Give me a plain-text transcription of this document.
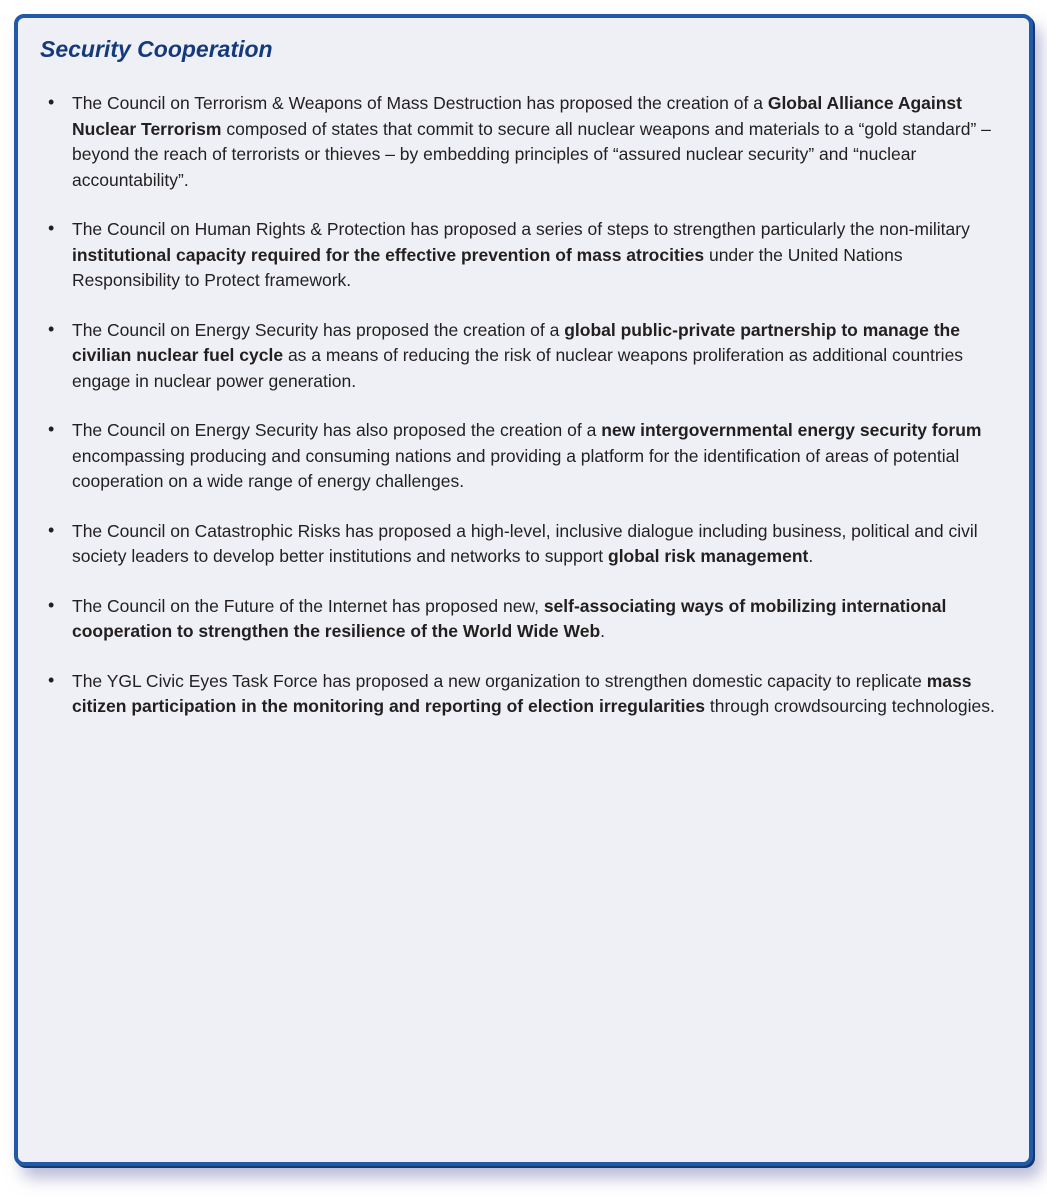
Security Cooperation
• The Council on Terrorism & Weapons of Mass Destruction has proposed the creation of a Global Alliance Against Nuclear Terrorism composed of states that commit to secure all nuclear weapons and materials to a “gold standard” – beyond the reach of terrorists or thieves – by embedding principles of “assured nuclear security” and “nuclear accountability”.
• The Council on Human Rights & Protection has proposed a series of steps to strengthen particularly the non-military institutional capacity required for the effective prevention of mass atrocities under the United Nations Responsibility to Protect framework.
• The Council on Energy Security has proposed the creation of a global public-private partnership to manage the civilian nuclear fuel cycle as a means of reducing the risk of nuclear weapons proliferation as additional countries engage in nuclear power generation.
• The Council on Energy Security has also proposed the creation of a new intergovernmental energy security forum encompassing producing and consuming nations and providing a platform for the identification of areas of potential cooperation on a wide range of energy challenges.
• The Council on Catastrophic Risks has proposed a high-level, inclusive dialogue including business, political and civil society leaders to develop better institutions and networks to support global risk management.
• The Council on the Future of the Internet has proposed new, self-associating ways of mobilizing international cooperation to strengthen the resilience of the World Wide Web.
• The YGL Civic Eyes Task Force has proposed a new organization to strengthen domestic capacity to replicate mass citizen participation in the monitoring and reporting of election irregularities through crowdsourcing technologies.
